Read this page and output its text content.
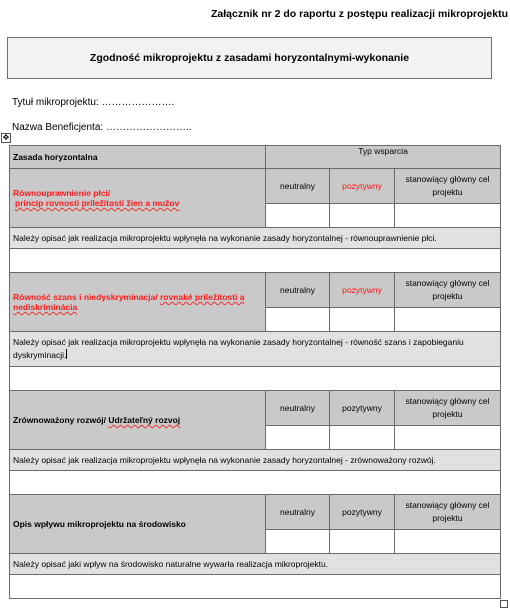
Załącznik nr 2 do raportu z postępu realizacji mikroprojektu
Zgodność mikroprojektu z zasadami horyzontalnymi-wykonanie
Tytuł mikroprojektu: ………………….
Nazwa Beneficjenta: ……………………..
✥
Zasada horyzontalna	Typ wsparcia		

Równouprawnienie płci/
princip rovnosti príležitosti žien a mužov	neutralny	pozytywny	stanowiący główny cel projektu

Należy opisać jak realizacja mikroprojektu wpłynęła na wykonanie zasady horyzontalnej - równouprawnienie płci.			

Równość szans i niedyskryminacja/ rovnaké príležitosti a nediskriminácia	neutralny	pozytywny	stanowiący główny cel projektu

Należy opisać jak realizacja mikroprojektu wpłynęła na wykonanie zasady horyzontalnej - równość szans i zapobieganiu dyskryminacji.			

Zrównoważony rozwój/ Udržateľný rozvoj	neutralny	pozytywny	stanowiący główny cel projektu

Należy opisać jak realizacja mikroprojektu wpłynęła na wykonanie zasady horyzontalnej - zrównoważony rozwój.			

Opis wpływu mikroprojektu na środowisko	neutralny	pozytywny	stanowiący główny cel projektu

Należy opisać jaki wpływ na środowisko naturalne wywarła realizacja mikroprojektu.			
